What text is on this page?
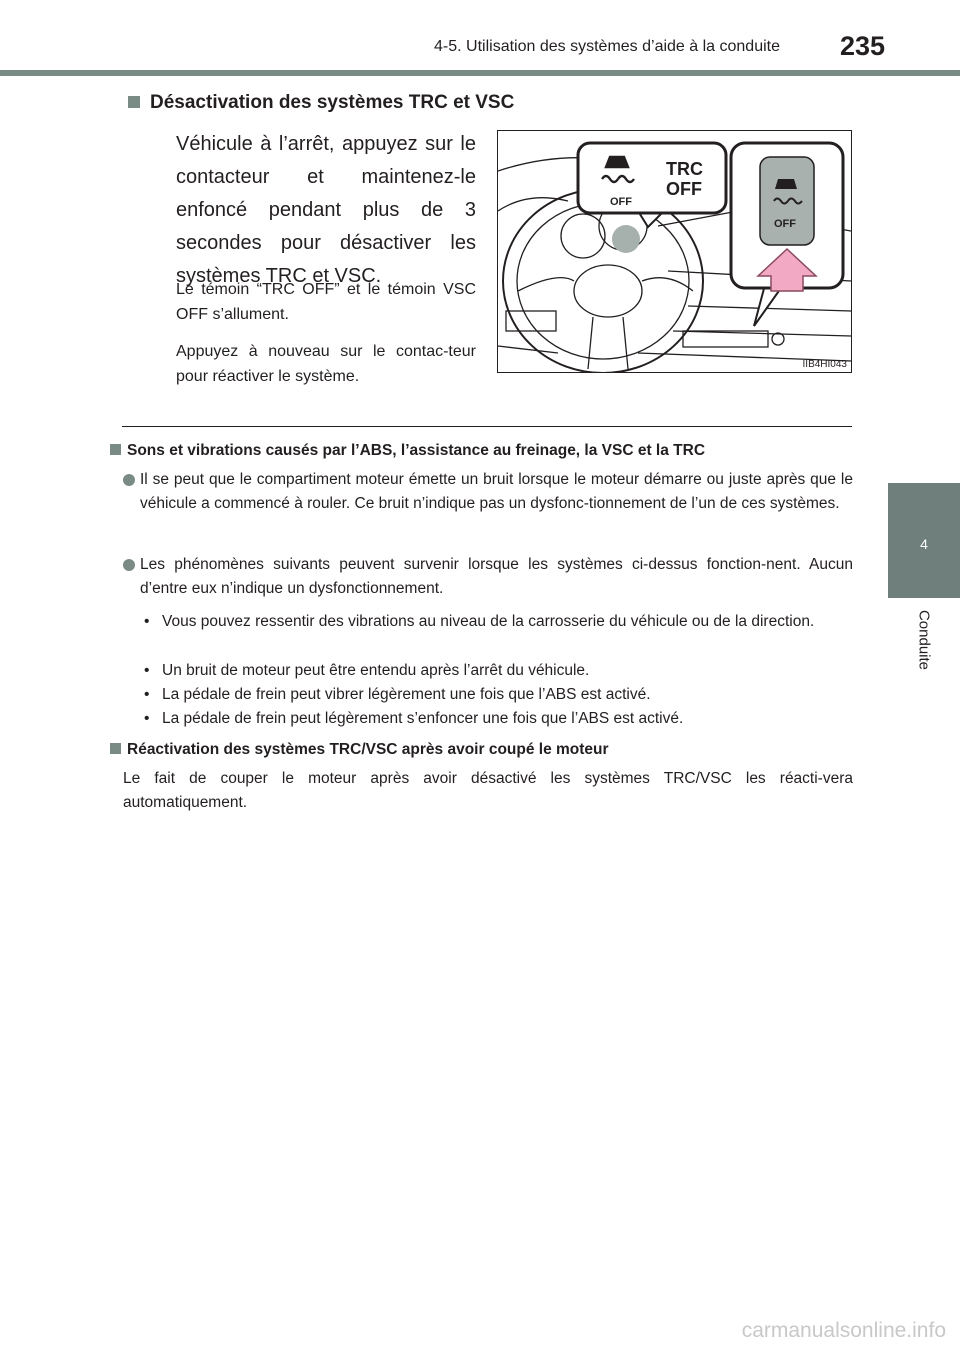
4-5. Utilisation des systèmes d’aide à la conduite	235
4
Conduite
Désactivation des systèmes TRC et VSC
Véhicule à l’arrêt, appuyez sur le contacteur et maintenez-le enfoncé pendant plus de 3 secondes pour désactiver les systèmes TRC et VSC.
Le témoin “TRC OFF” et le témoin VSC OFF s’allument.
Appuyez à nouveau sur le contac-teur pour réactiver le système.
OFF
TRC
OFF
OFF
IIB4HI043
Sons et vibrations causés par l’ABS, l’assistance au freinage, la VSC et la TRC
Il se peut que le compartiment moteur émette un bruit lorsque le moteur démarre ou juste après que le véhicule a commencé à rouler. Ce bruit n’indique pas un dysfonc-tionnement de l’un de ces systèmes.
Les phénomènes suivants peuvent survenir lorsque les systèmes ci-dessus fonction-nent. Aucun d’entre eux n’indique un dysfonctionnement.
• Vous pouvez ressentir des vibrations au niveau de la carrosserie du véhicule ou de la direction.
• Un bruit de moteur peut être entendu après l’arrêt du véhicule.
• La pédale de frein peut vibrer légèrement une fois que l’ABS est activé.
• La pédale de frein peut légèrement s’enfoncer une fois que l’ABS est activé.
Réactivation des systèmes TRC/VSC après avoir coupé le moteur
Le fait de couper le moteur après avoir désactivé les systèmes TRC/VSC les réacti-vera automatiquement.
carmanualsonline.info
